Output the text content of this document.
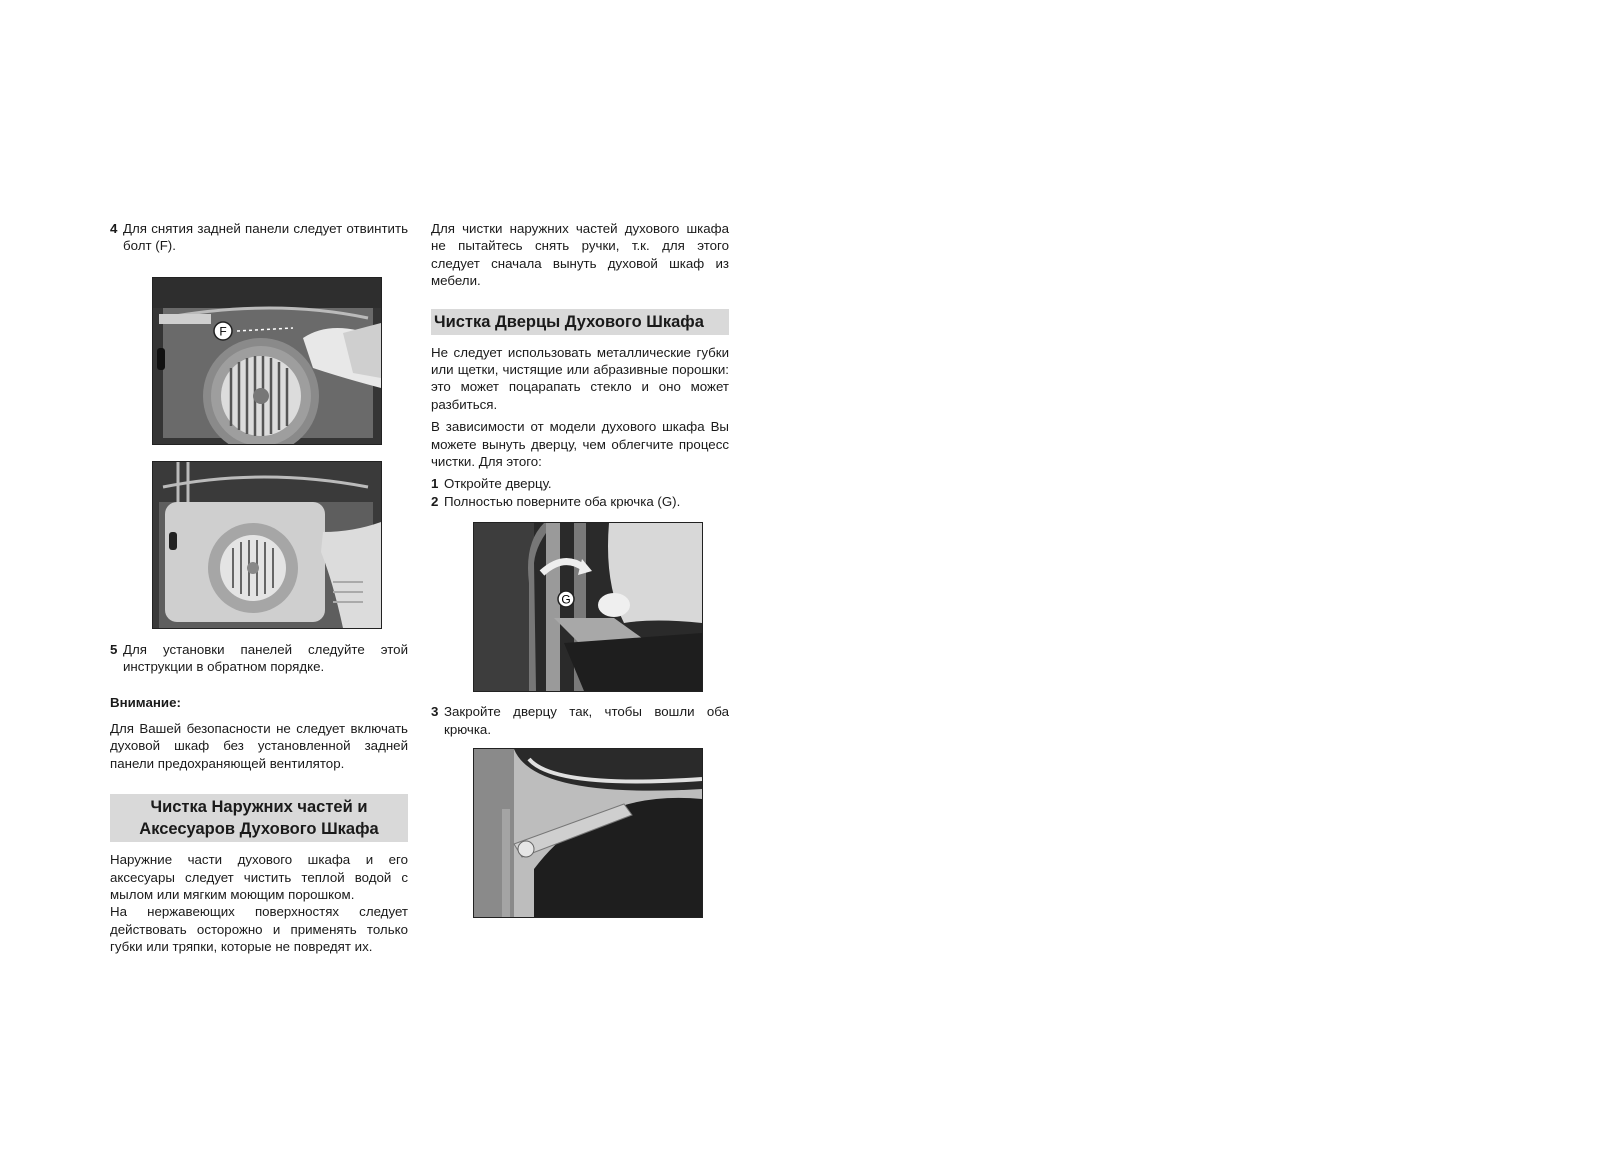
4 Для снятия задней панели следует отвинтить болт (F).
F
5 Для установки панелей следуйте этой инструкции в обратном порядке.

Внимание:

Для Вашей безопасности не следует включать духовой шкаф без установленной задней панели предохраняющей вентилятор.

Чистка Наружних частей и Аксесуаров Духового Шкафа

Наружние части духового шкафа и его аксесуары следует чистить теплой водой с мылом или мягким моющим порошком.

На нержавеющих поверхностях следует действовать осторожно и применять только губки или тряпки, которые не повредят их.

Для чистки наружних частей духового шкафа не пытайтесь снять ручки, т.к. для этого следует сначала вынуть духовой шкаф из мебели.

Чистка Дверцы Духового Шкафа

Не следует использовать металлические губки или щетки, чистящие или абразивные порошки: это может поцарапать стекло и оно может разбиться.

В зависимости от модели духового шкафа Вы можете вынуть дверцу, чем облегчите процесс чистки. Для этого:

1 Откройте дверцу.
2 Полностью поверните оба крючка (G).
G
3 Закройте дверцу так, чтобы вошли оба крючка.
